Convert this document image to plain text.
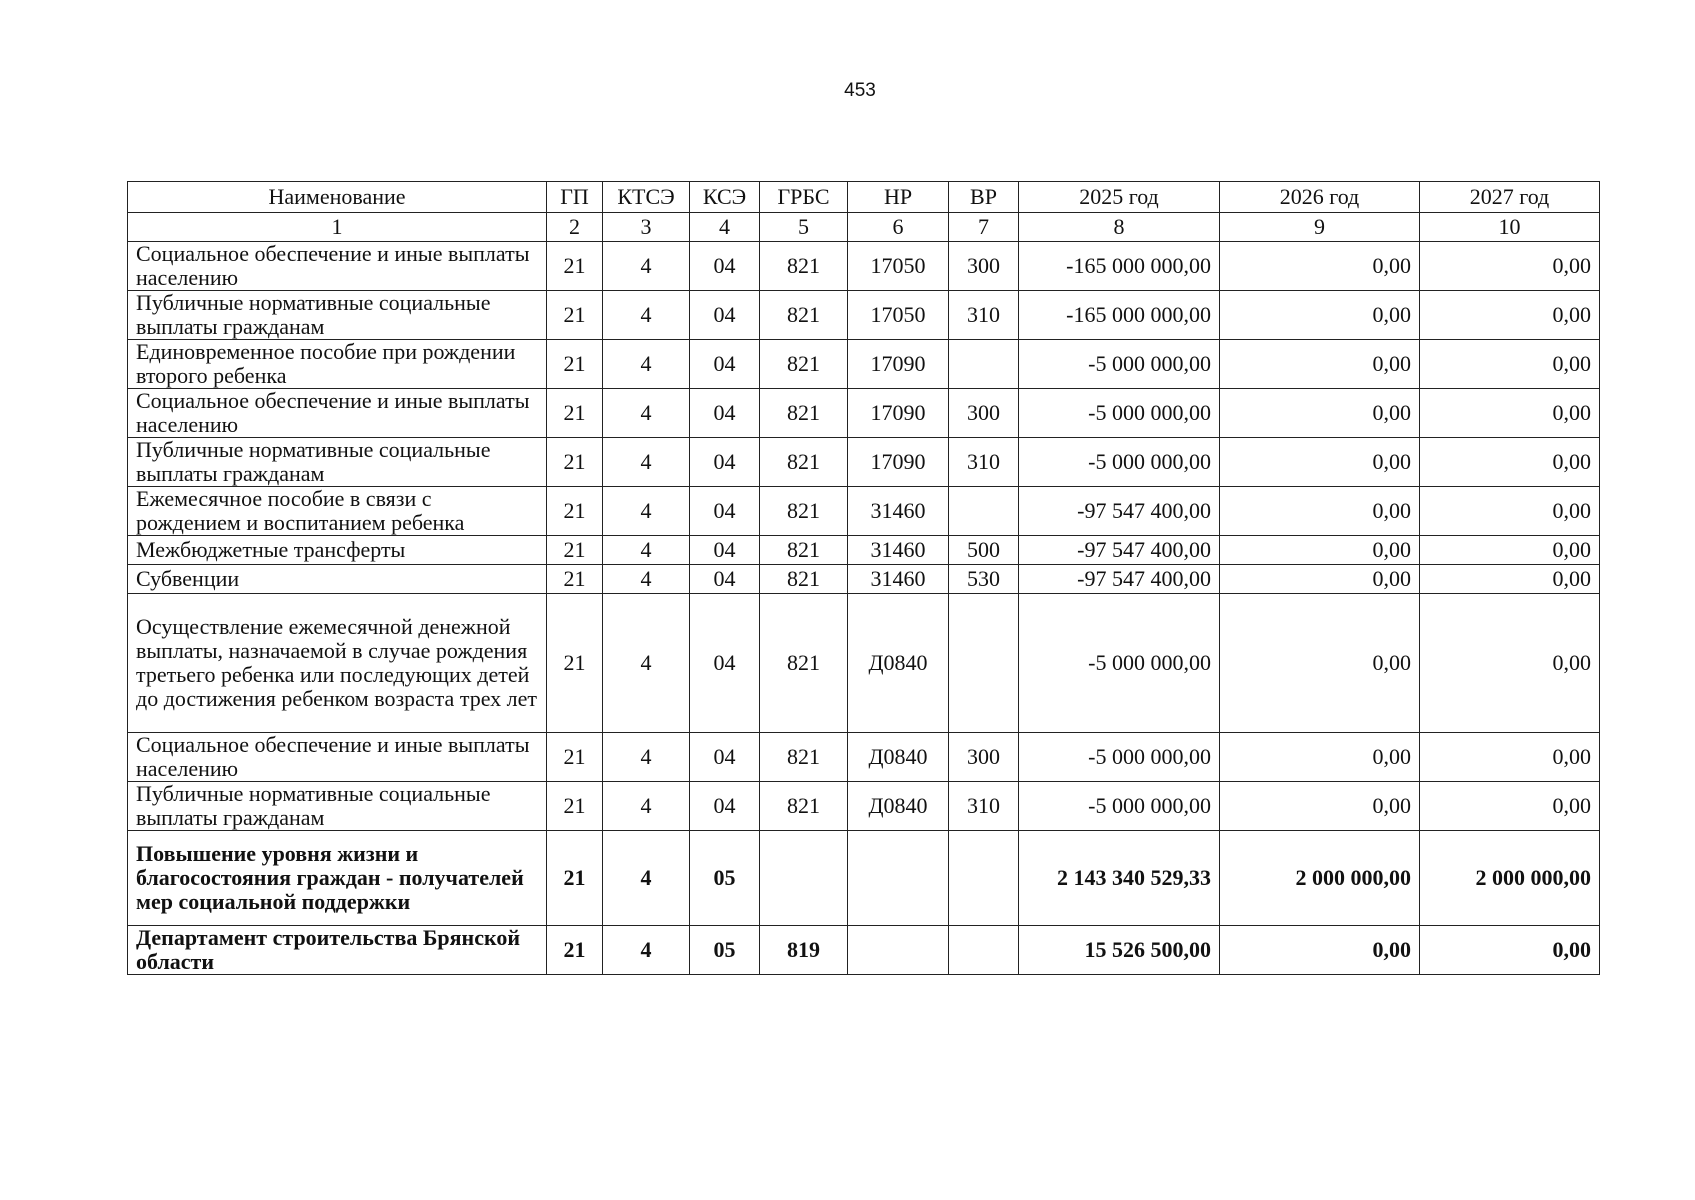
453
Наименование	ГП	КТСЭ	КСЭ	ГРБС	НР	ВР	2025 год	2026 год	2027 год
1	2	3	4	5	6	7	8	9	10
Социальное обеспечение и иные выплаты населению	21	4	04	821	17050	300	-165 000 000,00	0,00	0,00
Публичные нормативные социальные выплаты гражданам	21	4	04	821	17050	310	-165 000 000,00	0,00	0,00
Единовременное пособие при рождении второго ребенка	21	4	04	821	17090		-5 000 000,00	0,00	0,00
Социальное обеспечение и иные выплаты населению	21	4	04	821	17090	300	-5 000 000,00	0,00	0,00
Публичные нормативные социальные выплаты гражданам	21	4	04	821	17090	310	-5 000 000,00	0,00	0,00
Ежемесячное пособие в связи с рождением и воспитанием ребенка	21	4	04	821	31460		-97 547 400,00	0,00	0,00
Межбюджетные трансферты	21	4	04	821	31460	500	-97 547 400,00	0,00	0,00
Субвенции	21	4	04	821	31460	530	-97 547 400,00	0,00	0,00
Осуществление ежемесячной денежной выплаты, назначаемой в случае рождения третьего ребенка или последующих детей до достижения ребенком возраста трех лет	21	4	04	821	Д0840		-5 000 000,00	0,00	0,00
Социальное обеспечение и иные выплаты населению	21	4	04	821	Д0840	300	-5 000 000,00	0,00	0,00
Публичные нормативные социальные выплаты гражданам	21	4	04	821	Д0840	310	-5 000 000,00	0,00	0,00
Повышение уровня жизни и благосостояния граждан - получателей мер социальной поддержки	21	4	05				2 143 340 529,33	2 000 000,00	2 000 000,00
Департамент строительства Брянской области	21	4	05	819			15 526 500,00	0,00	0,00
